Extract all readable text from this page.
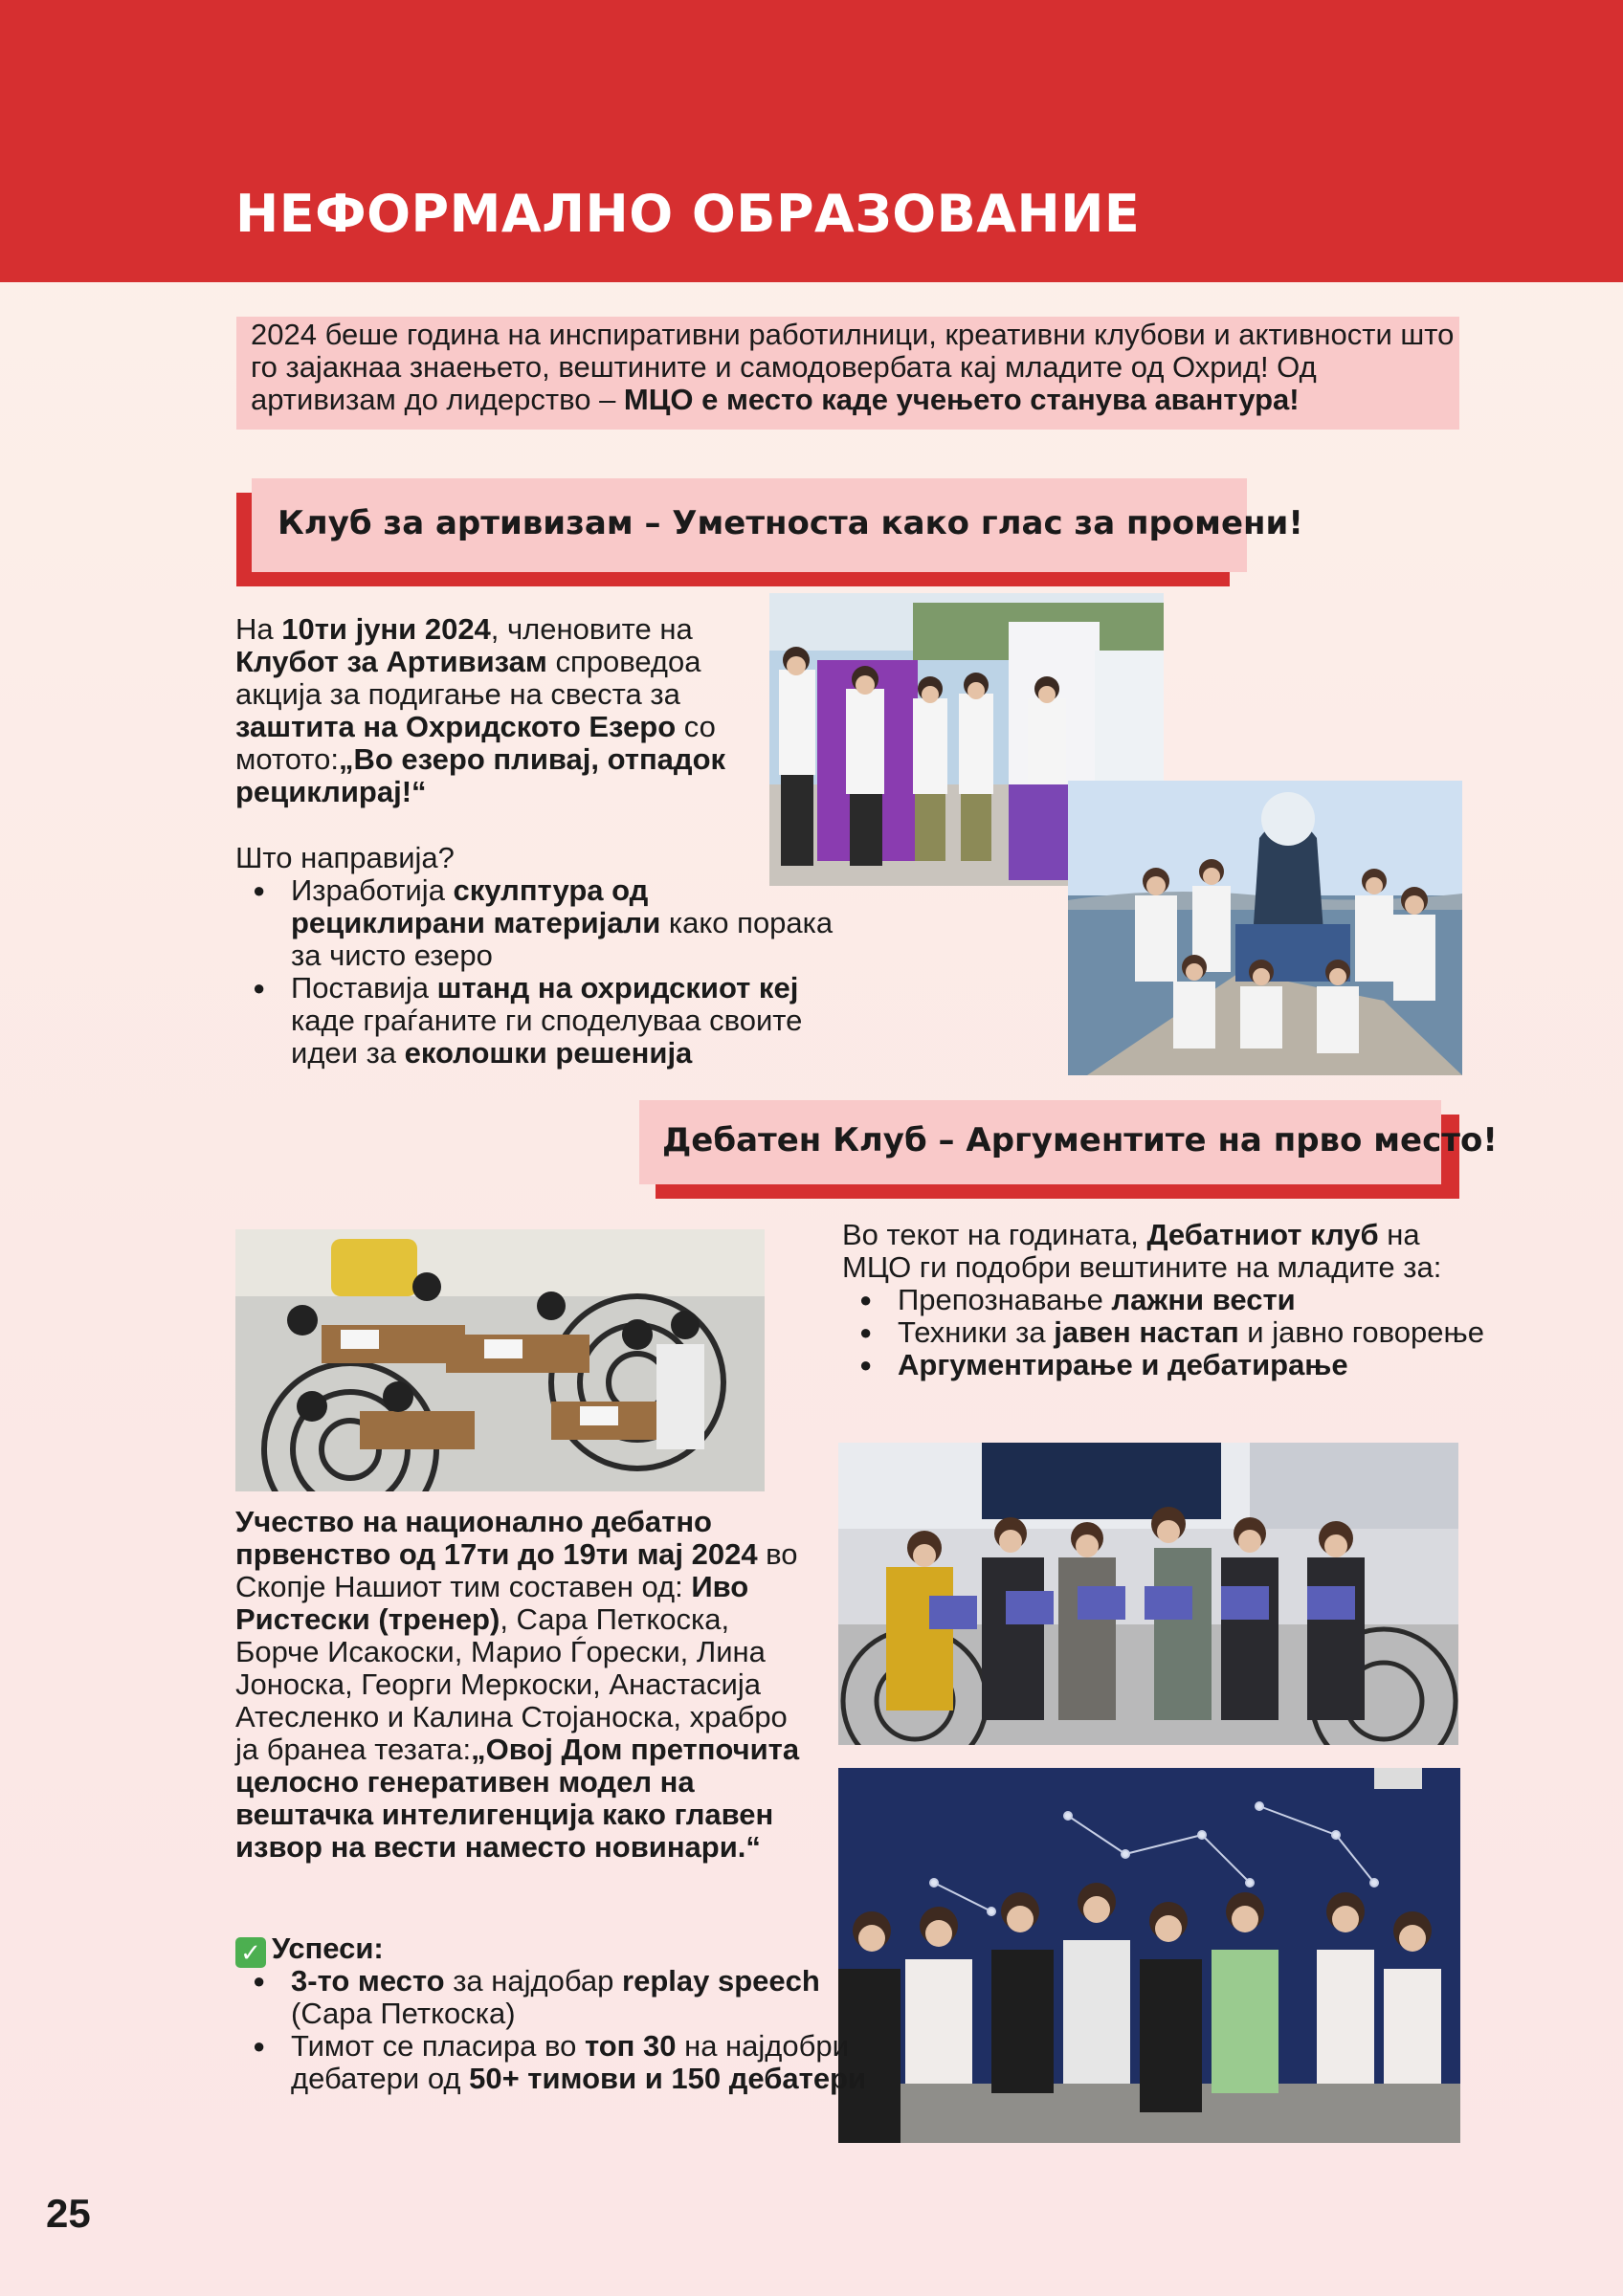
НЕФОРМАЛНО ОБРАЗОВАНИЕ
2024 беше година на инспиративни работилници, креативни клубови и активности што го зајакнаа знаењето, вештините и самодовербата кај младите од Охрид! Од артивизам до лидерство – МЦО е место каде учењето станува авантура!
Клуб за артивизам – Уметноста како глас за промени!
На 10ти јуни 2024, членовите на Клубот за Артивизам спроведоа акција за подигање на свеста за заштита на Охридското Езеро со мотото:„Во езеро пливај, отпадок рециклирај!“
Што направија?
● Изработија скулптура од рециклирани материјали како порака за чисто езеро
● Поставија штанд на охридскиот кеј каде граѓаните ги споделуваа своите идеи за еколошки решенија
Дебатен Клуб – Аргументите на прво место!
Во текот на годината, Дебатниот клуб на МЦО ги подобри вештините на младите за:
● Препознавање лажни вести
● Техники за јавен настап и јавно говорење
● Аргументирање и дебатирање
Учество на национално дебатно првенство од 17ти до 19ти мај 2024 во Скопје Нашиот тим составен од: Иво Ристески (тренер), Сара Петкоска, Борче Исакоски, Марио Ѓорески, Лина Јоноска, Георги Меркоски, Анастасија Атесленко и Калина Стојаноска, храбро ја бранеа тезата:„Овој Дом претпочита целосно генеративен модел на вештачка интелигенција како главен извор на вести наместо новинари.“
✓ Успеси:
● 3-то место за најдобар replay speech (Сара Петкоска)
● Тимот се пласира во топ 30 на најдобри дебатери од 50+ тимови и 150 дебатери
25
